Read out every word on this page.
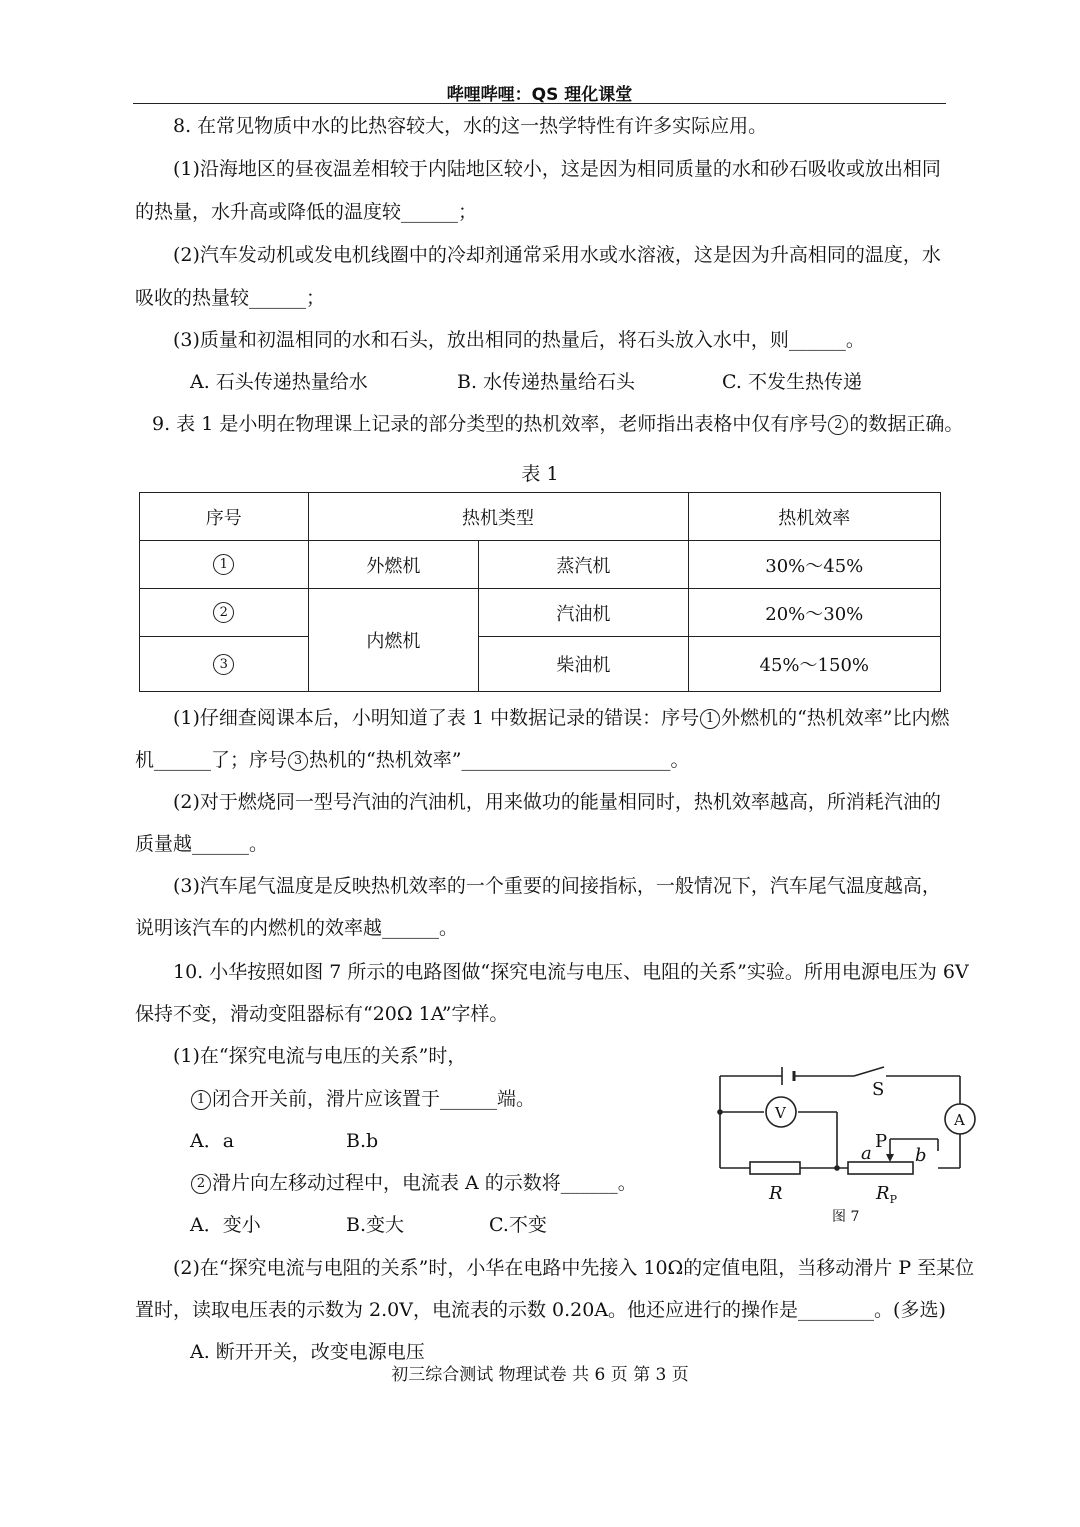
哔哩哔哩：QS 理化课堂
8. 在常见物质中水的比热容较大，水的这一热学特性有许多实际应用。
(1)沿海地区的昼夜温差相较于内陆地区较小，这是因为相同质量的水和砂石吸收或放出相同
的热量，水升高或降低的温度较______；
(2)汽车发动机或发电机线圈中的冷却剂通常采用水或水溶液，这是因为升高相同的温度，水
吸收的热量较______；
(3)质量和初温相同的水和石头，放出相同的热量后，将石头放入水中，则______。
A. 石头传递热量给水	B. 水传递热量给石头	C. 不发生热传递
9. 表 1 是小明在物理课上记录的部分类型的热机效率，老师指出表格中仅有序号 2 的数据正确。
表 1
序号	热机类型		热机效率
1	外燃机	蒸汽机	30%～45%
2	内燃机	汽油机	20%～30%
3		柴油机	45%～150%
(1)仔细查阅课本后，小明知道了表 1 中数据记录的错误：序号 1 外燃机的“热机效率”比内燃
机______了；序号 3 热机的“热机效率”______________________。
(2)对于燃烧同一型号汽油的汽油机，用来做功的能量相同时，热机效率越高，所消耗汽油的
质量越______。
(3)汽车尾气温度是反映热机效率的一个重要的间接指标，一般情况下，汽车尾气温度越高，
说明该汽车的内燃机的效率越______。
10. 小华按照如图 7 所示的电路图做“探究电流与电压、电阻的关系”实验。所用电源电压为 6V
保持不变，滑动变阻器标有“20Ω 1A”字样。
(1)在“探究电流与电压的关系”时，
1 闭合开关前，滑片应该置于______端。
A．a	B.b
2 滑片向左移动过程中，电流表 A 的示数将______。
A．变小	B.变大	C.不变
(2)在“探究电流与电阻的关系”时，小华在电路中先接入 10Ω的定值电阻，当移动滑片 P 至某位
置时，读取电压表的示数为 2.0V，电流表的示数 0.20A。他还应进行的操作是________。(多选)
A. 断开开关，改变电源电压
S
V	A
P
a b
R	$R_P$
图 7
初三综合测试 物理试卷 共 6 页 第 3 页
